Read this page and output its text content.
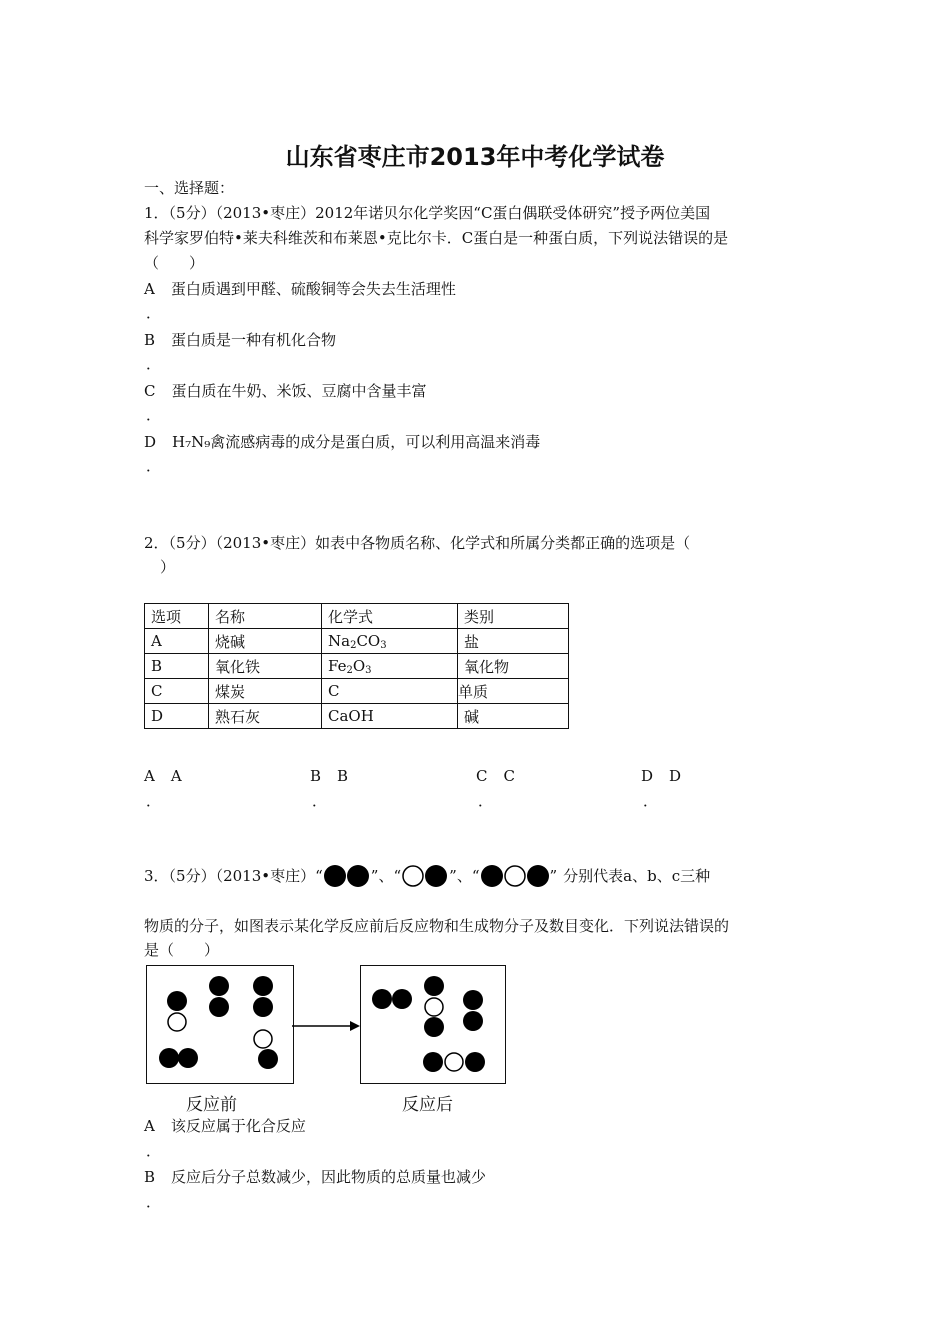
山东省枣庄市2013年中考化学试卷
一、选择题：
1．（5分）（2013•枣庄）2012年诺贝尔化学奖因“C蛋白偶联受体研究”授予两位美国
科学家罗伯特•莱夫科维茨和布莱恩•克比尔卡．C蛋白是一种蛋白质，下列说法错误的是
（　　）
A 蛋白质遇到甲醛、硫酸铜等会失去生活理性
．
B 蛋白质是一种有机化合物
．
C 蛋白质在牛奶、米饭、豆腐中含量丰富
．
D H₇N₉禽流感病毒的成分是蛋白质，可以利用高温来消毒
．
2．（5分）（2013•枣庄）如表中各物质名称、化学式和所属分类都正确的选项是（
）
选项	名称	化学式	类别
A	烧碱	$Na_2CO_3$	盐
B	氧化铁	$Fe_2O_3$	氧化物
C	煤炭	C	单质
D	熟石灰	CaOH	碱
A A
．
B B
．
C C
．
D D
．
3．（5分）（2013•枣庄） “	” 、 “	” 、 “	” 分别代表a、b、c三种
物质的分子，如图表示某化学反应前后反应物和生成物分子及数目变化．下列说法错误的
是（　　）
反应前	反应后
A 该反应属于化合反应
．
B 反应后分子总数减少，因此物质的总质量也减少
．
